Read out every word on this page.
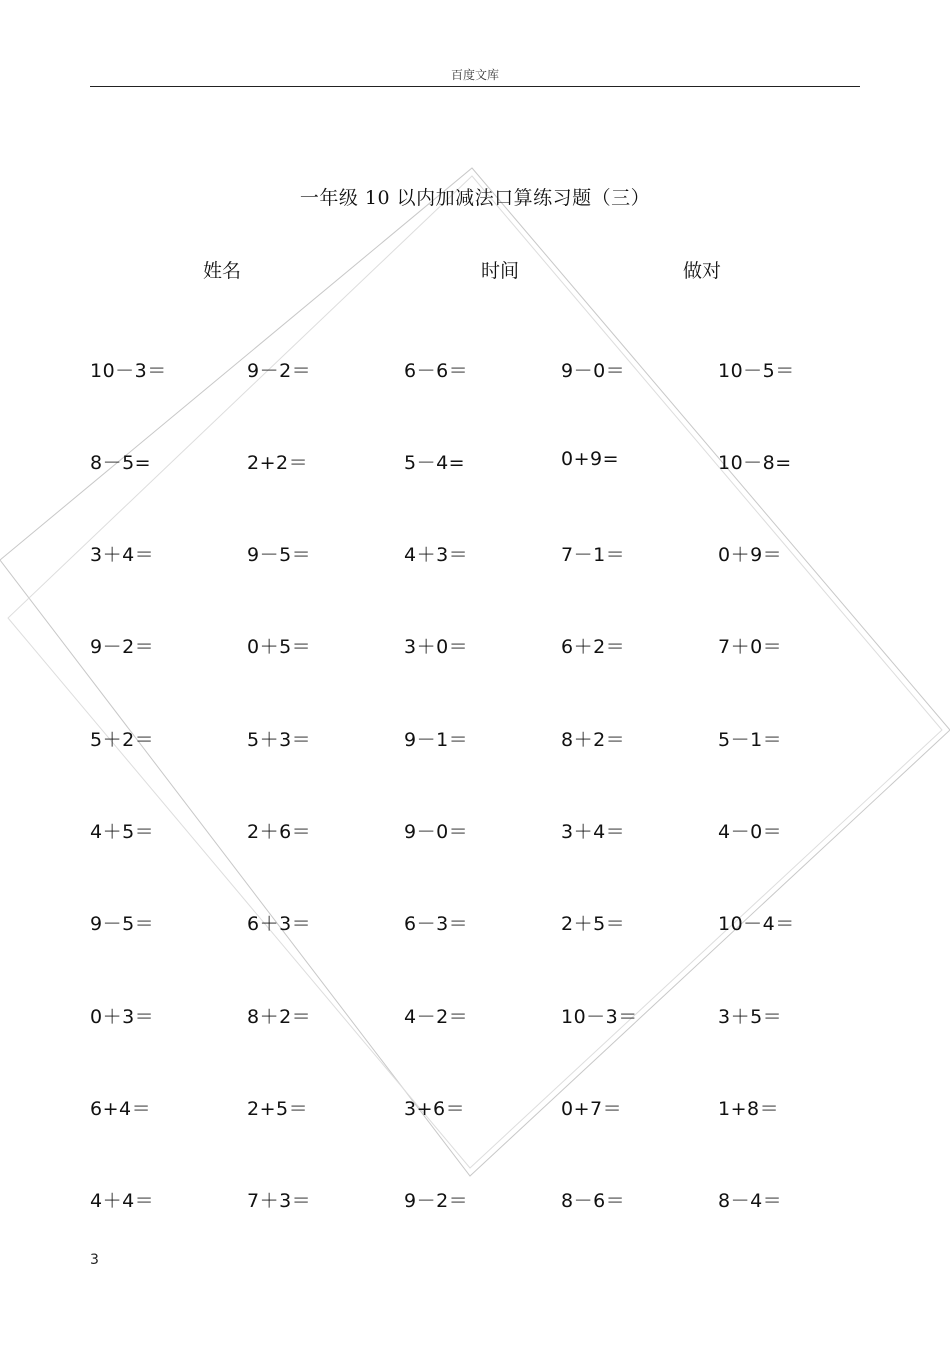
百度文库
一年级 10 以内加减法口算练习题（三）
姓名	时间	做对
10－3＝	9－2＝	6－6＝	9－0＝	10－5＝
8－5=	2+2＝	5－4=	0+9=	10－8=
3＋4＝	9－5＝	4＋3＝	7－1＝	0＋9＝
9－2＝	0＋5＝	3＋0＝	6＋2＝	7＋0＝
5＋2＝	5＋3＝	9－1＝	8＋2＝	5－1＝
4＋5＝	2＋6＝	9－0＝	3＋4＝	4－0＝
9－5＝	6＋3＝	6－3＝	2＋5＝	10－4＝
0＋3＝	8＋2＝	4－2＝	10－3＝	3＋5＝
6+4＝	2+5＝	3+6＝	0+7＝	1+8＝
4＋4＝	7＋3＝	9－2＝	8－6＝	8－4＝
3
